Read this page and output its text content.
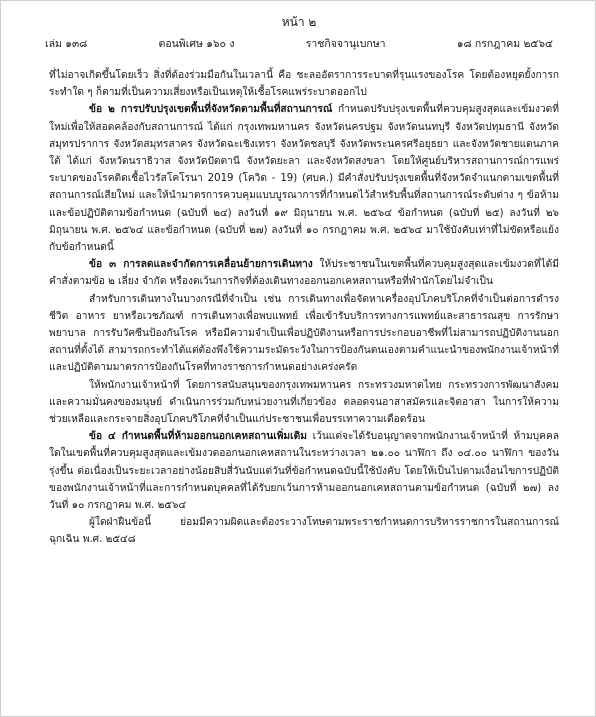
หน้า ๒
เล่ม ๑๓๘	ตอนพิเศษ ๑๖๐ ง	ราชกิจจานุเบกษา	๑๘ กรกฎาคม ๒๕๖๔

ที่ไม่อาจเกิดขึ้นโดยเร็ว สิ่งที่ต้องร่วมมือกันในเวลานี้ คือ ชะลออัตราการระบาดที่รุนแรงของโรค โดยต้องหยุดยั้งการกระทำใด ๆ ก็ตามที่เป็นความเสี่ยงหรือเป็นเหตุให้เชื้อโรคแพร่ระบาดออกไป

ข้อ ๒ การปรับปรุงเขตพื้นที่จังหวัดตามพื้นที่สถานการณ์ กำหนดปรับปรุงเขตพื้นที่ควบคุมสูงสุดและเข้มงวดที่ใหม่เพื่อให้สอดคล้องกับสถานการณ์ ได้แก่ กรุงเทพมหานคร จังหวัดนครปฐม จังหวัดนนทบุรี จังหวัดปทุมธานี จังหวัดสมุทรปราการ จังหวัดสมุทรสาคร จังหวัดฉะเชิงเทรา จังหวัดชลบุรี จังหวัดพระนครศรีอยุธยา และจังหวัดชายแดนภาคใต้ ได้แก่ จังหวัดนราธิวาส จังหวัดปัตตานี จังหวัดยะลา และจังหวัดสงขลา โดยให้ศูนย์บริหารสถานการณ์การแพร่ระบาดของโรคติดเชื้อไวรัสโคโรนา 2019 (โควิด - 19) (ศบค.) มีคำสั่งปรับปรุงเขตพื้นที่จังหวัดจำแนกตามเขตพื้นที่สถานการณ์เสียใหม่ และให้นำมาตรการควบคุมแบบบูรณาการที่กำหนดไว้สำหรับพื้นที่สถานการณ์ระดับต่าง ๆ ข้อห้าม และข้อปฏิบัติตามข้อกำหนด (ฉบับที่ ๒๔) ลงวันที่ ๑๙ มิถุนายน พ.ศ. ๒๕๖๔ ข้อกำหนด (ฉบับที่ ๒๕) ลงวันที่ ๒๖ มิถุนายน พ.ศ. ๒๕๖๔ และข้อกำหนด (ฉบับที่ ๒๗) ลงวันที่ ๑๐ กรกฎาคม พ.ศ. ๒๕๖๔ มาใช้บังคับเท่าที่ไม่ขัดหรือแย้งกับข้อกำหนดนี้

ข้อ ๓ การลดและจำกัดการเคลื่อนย้ายการเดินทาง ให้ประชาชนในเขตพื้นที่ควบคุมสูงสุดและเข้มงวดที่ได้มีคำสั่งตามข้อ ๒ เลี่ยง จำกัด หรืองดเว้นการกิจที่ต้องเดินทางออกนอกเคหสถานหรือที่พำนักโดยไม่จำเป็น

สำหรับการเดินทางในบางกรณีที่จำเป็น เช่น การเดินทางเพื่อจัดหาเครื่องอุปโภคบริโภคที่จำเป็นต่อการดำรงชีวิต อาหาร ยาหรือเวชภัณฑ์ การเดินทางเพื่อพบแพทย์ เพื่อเข้ารับบริการทางการแพทย์และสาธารณสุข การรักษาพยาบาล การรับวัคซีนป้องกันโรค หรือมีความจำเป็นเพื่อปฏิบัติงานหรือการประกอบอาชีพที่ไม่สามารถปฏิบัติงานนอกสถานที่ตั้งได้ สามารถกระทำได้แต่ต้องพึงใช้ความระมัดระวังในการป้องกันตนเองตามคำแนะนำของพนักงานเจ้าหน้าที่ และปฏิบัติตามมาตรการป้องกันโรคที่ทางราชการกำหนดอย่างเคร่งครัด

ให้พนักงานเจ้าหน้าที่ โดยการสนับสนุนของกรุงเทพมหานคร กระทรวงมหาดไทย กระทรวงการพัฒนาสังคมและความมั่นคงของมนุษย์ ดำเนินการร่วมกับหน่วยงานที่เกี่ยวข้อง ตลอดจนอาสาสมัครและจิตอาสา ในการให้ความช่วยเหลือและกระจายสิ่งอุปโภคบริโภคที่จำเป็นแก่ประชาชนเพื่อบรรเทาความเดือดร้อน

ข้อ ๔ กำหนดพื้นที่ห้ามออกนอกเคหสถานเพิ่มเติม เว้นแต่จะได้รับอนุญาตจากพนักงานเจ้าหน้าที่ ห้ามบุคคลใดในเขตพื้นที่ควบคุมสูงสุดและเข้มงวดออกนอกเคหสถานในระหว่างเวลา ๒๑.๐๐ นาฬิกา ถึง ๐๔.๐๐ นาฬิกา ของวันรุ่งขึ้น ต่อเนื่องเป็นระยะเวลาอย่างน้อยสิบสี่วันนับแต่วันที่ข้อกำหนดฉบับนี้ใช้บังคับ โดยให้เป็นไปตามเงื่อนไขการปฏิบัติของพนักงานเจ้าหน้าที่และการกำหนดบุคคลที่ได้รับยกเว้นการห้ามออกนอกเคหสถานตามข้อกำหนด (ฉบับที่ ๒๗) ลงวันที่ ๑๐ กรกฎาคม พ.ศ. ๒๕๖๔

ผู้ใดฝ่าฝืนข้อนี้ ย่อมมีความผิดและต้องระวางโทษตามพระราชกำหนดการบริหารราชการในสถานการณ์ฉุกเฉิน พ.ศ. ๒๕๔๘
